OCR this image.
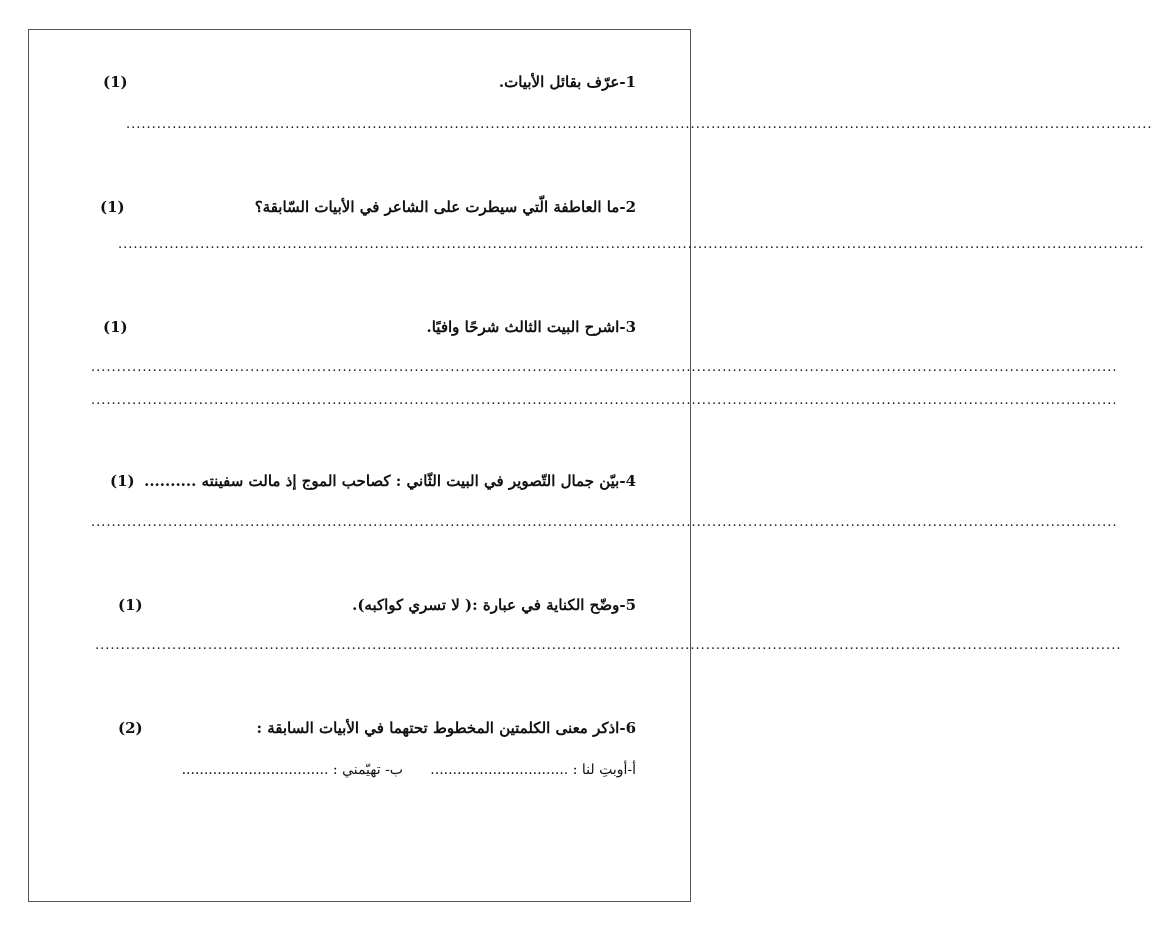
1-عرّف بقائل الأبيات.
(1)
........................................................................................................................................................................................................
2-ما العاطفة الّتي سيطرت على الشاعر في الأبيات السّابقة؟
(1)
........................................................................................................................................................................................................
3-اشرح البيت الثالث شرحًا وافيًا.
(1)
........................................................................................................................................................................................................
........................................................................................................................................................................................................
4-بيّن جمال التّصوير في البيت الثّاني : كصاحب الموج إذ مالت سفينته ..........
(1)
........................................................................................................................................................................................................
5-وضّح الكناية في عبارة :( لا تسري كواكبه).
(1)
........................................................................................................................................................................................................
6-اذكر معنى الكلمتين المخطوط تحتهما في الأبيات السابقة :
(2)
أ-أوبتِ لنا : ...............................
ب- تهيّمني : .................................
